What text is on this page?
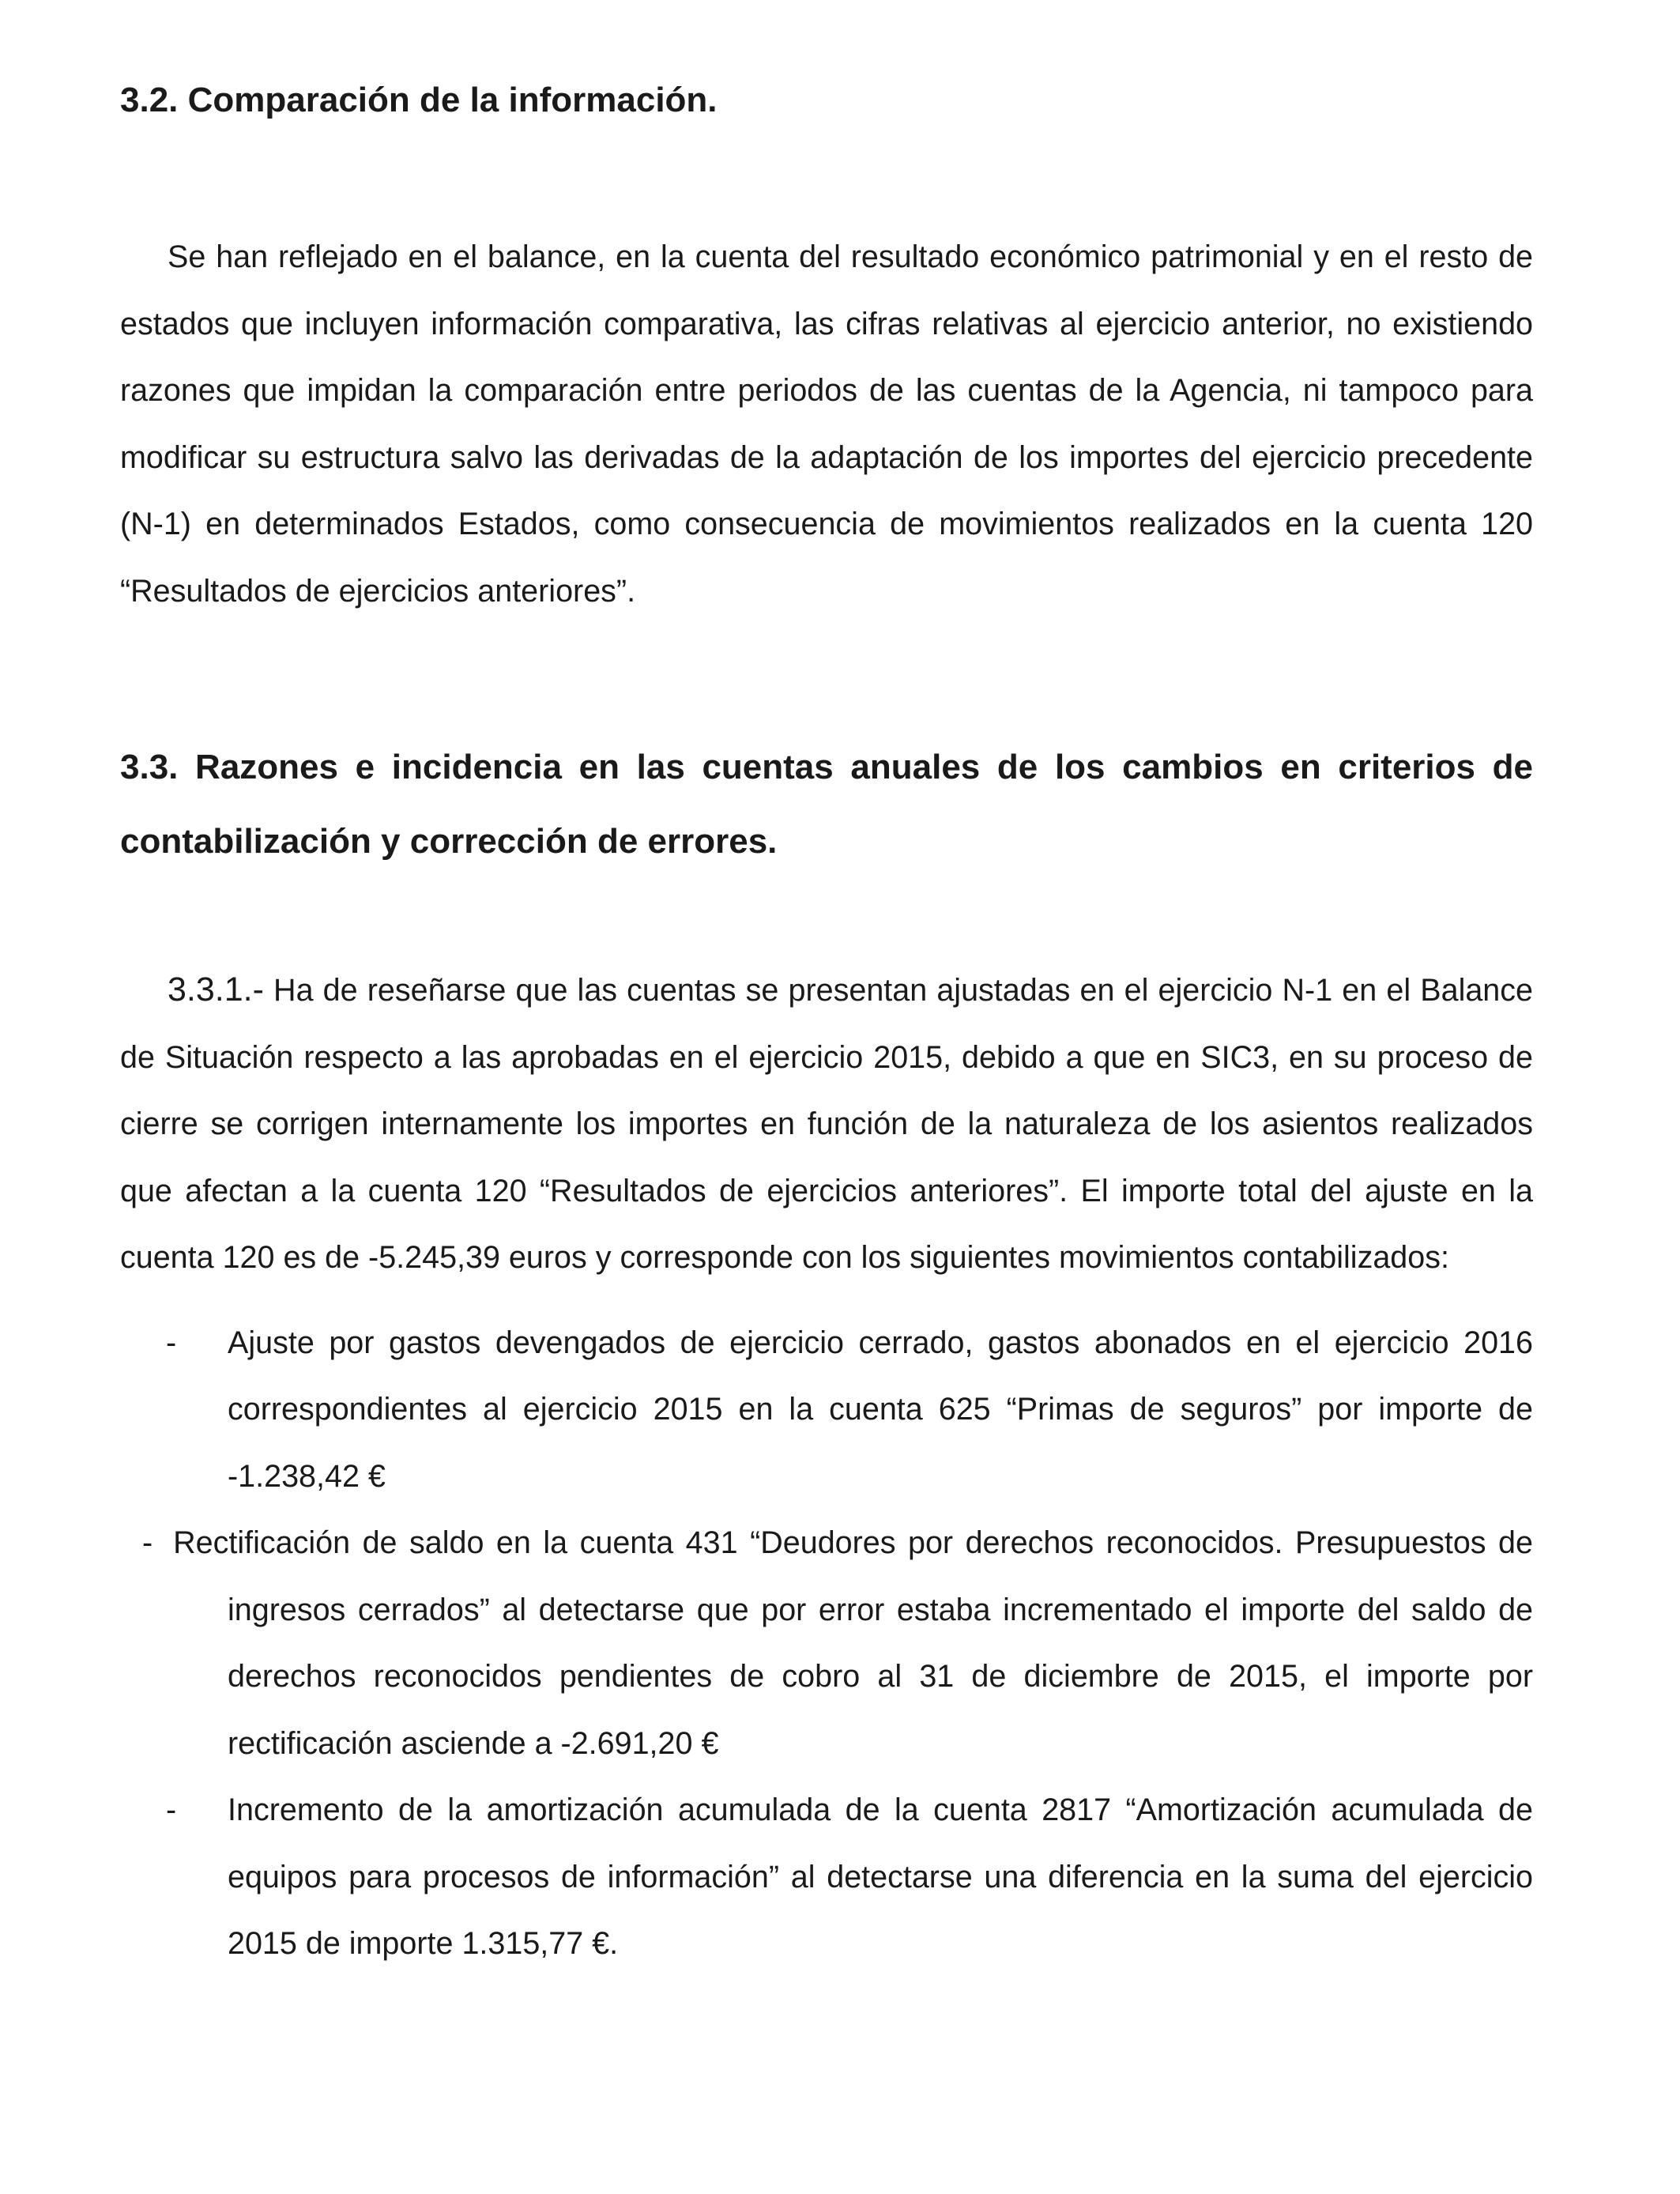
3.2. Comparación de la información.

Se han reflejado en el balance, en la cuenta del resultado económico patrimonial y en el resto de estados que incluyen información comparativa, las cifras relativas al ejercicio anterior, no existiendo razones que impidan la comparación entre periodos de las cuentas de la Agencia, ni tampoco para modificar su estructura salvo las derivadas de la adaptación de los importes del ejercicio precedente (N-1) en determinados Estados, como consecuencia de movimientos realizados en la cuenta 120 “Resultados de ejercicios anteriores”.

3.3. Razones e incidencia en las cuentas anuales de los cambios en criterios de contabilización y corrección de errores.

3.3.1.- Ha de reseñarse que las cuentas se presentan ajustadas en el ejercicio N-1 en el Balance de Situación respecto a las aprobadas en el ejercicio 2015, debido a que en SIC3, en su proceso de cierre se corrigen internamente los importes en función de la naturaleza de los asientos realizados que afectan a la cuenta 120 “Resultados de ejercicios anteriores”. El importe total del ajuste en la cuenta 120 es de -5.245,39 euros y corresponde con los siguientes movimientos contabilizados:

- Ajuste por gastos devengados de ejercicio cerrado, gastos abonados en el ejercicio 2016 correspondientes al ejercicio 2015 en la cuenta 625 “Primas de seguros” por importe de -1.238,42 €
- Rectificación de saldo en la cuenta 431 “Deudores por derechos reconocidos. Presupuestos de ingresos cerrados” al detectarse que por error estaba incrementado el importe del saldo de derechos reconocidos pendientes de cobro al 31 de diciembre de 2015, el importe por rectificación asciende a -2.691,20 €
- Incremento de la amortización acumulada de la cuenta 2817 “Amortización acumulada de equipos para procesos de información” al detectarse una diferencia en la suma del ejercicio 2015 de importe 1.315,77 €.
